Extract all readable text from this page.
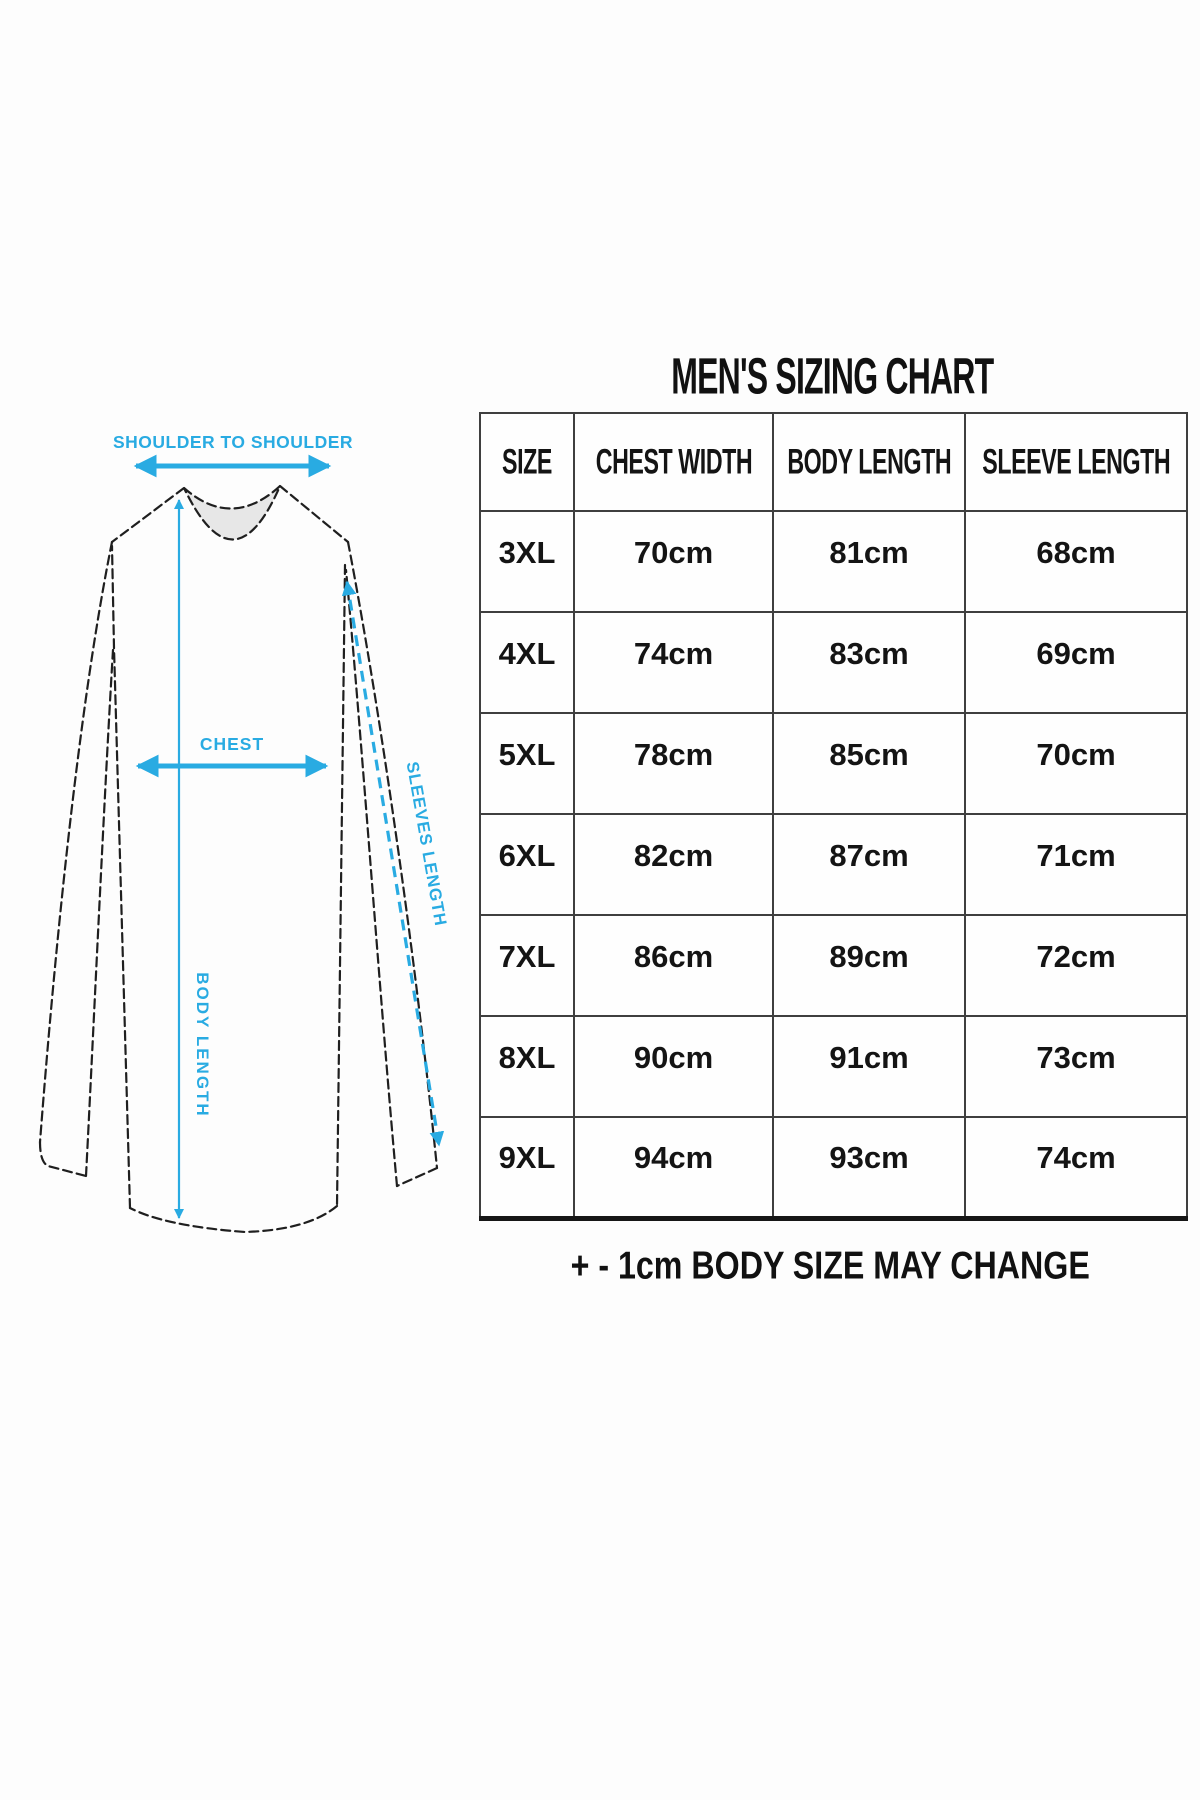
MEN'S SIZING CHART
SIZE	CHEST WIDTH	BODY LENGTH	SLEEVE LENGTH
3XL	70cm	81cm	68cm
4XL	74cm	83cm	69cm
5XL	78cm	85cm	70cm
6XL	82cm	87cm	71cm
7XL	86cm	89cm	72cm
8XL	90cm	91cm	73cm
9XL	94cm	93cm	74cm
+ - 1cm BODY SIZE MAY CHANGE
SHOULDER TO SHOULDER
BODY LENGTH
CHEST
SLEEVES LENGTH
